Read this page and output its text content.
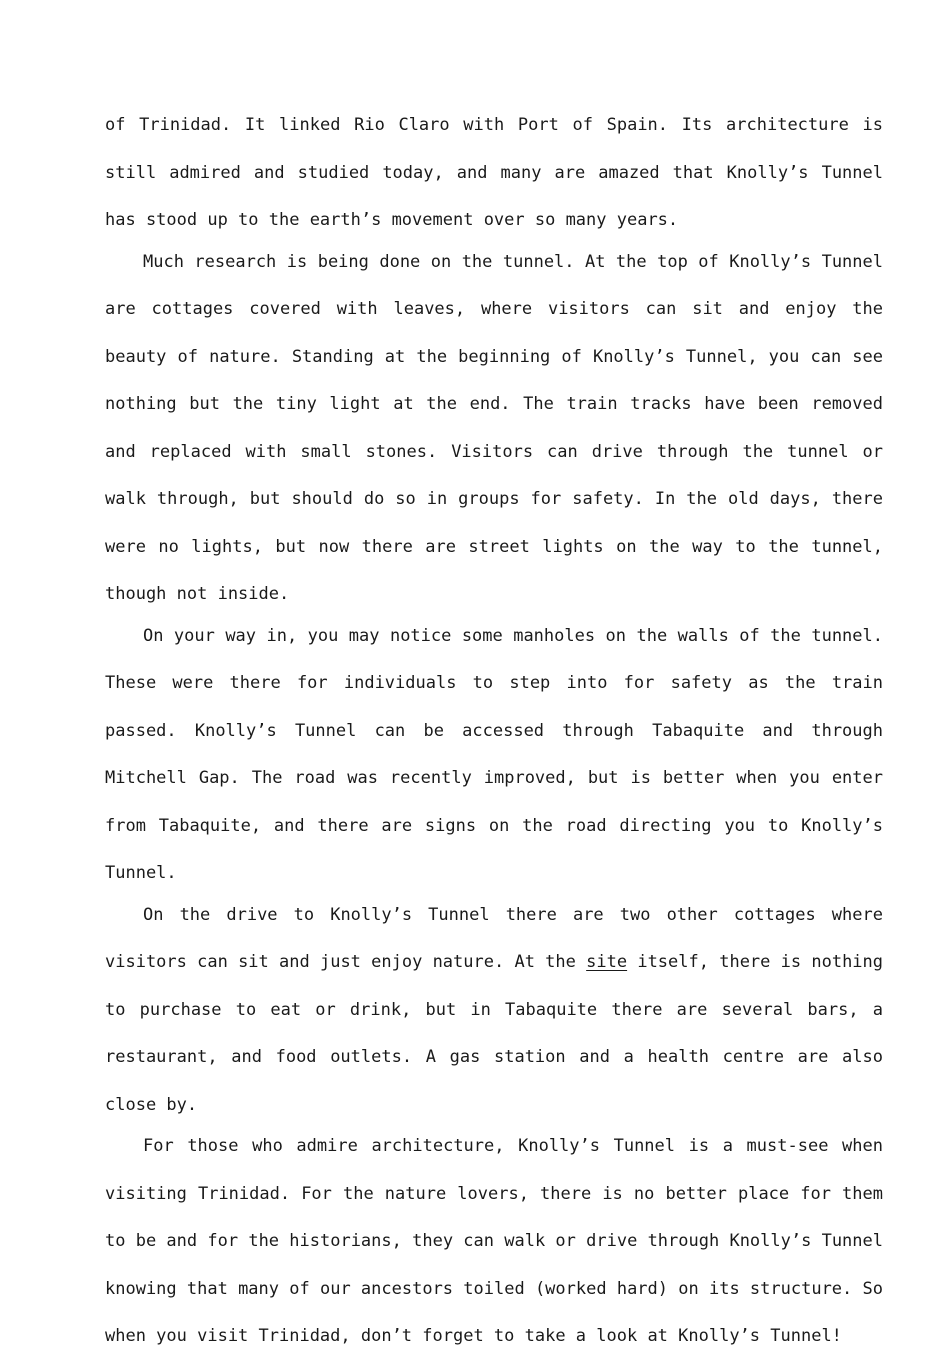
of Trinidad. It linked Rio Claro with Port of Spain. Its architecture is still admired and studied today, and many are amazed that Knolly’s Tunnel has stood up to the earth’s movement over so many years.

Much research is being done on the tunnel. At the top of Knolly’s Tunnel are cottages covered with leaves, where visitors can sit and enjoy the beauty of nature. Standing at the beginning of Knolly’s Tunnel, you can see nothing but the tiny light at the end. The train tracks have been removed and replaced with small stones. Visitors can drive through the tunnel or walk through, but should do so in groups for safety. In the old days, there were no lights, but now there are street lights on the way to the tunnel, though not inside.

On your way in, you may notice some manholes on the walls of the tunnel. These were there for individuals to step into for safety as the train passed. Knolly’s Tunnel can be accessed through Tabaquite and through Mitchell Gap. The road was recently improved, but is better when you enter from Tabaquite, and there are signs on the road directing you to Knolly’s Tunnel.

On the drive to Knolly’s Tunnel there are two other cottages where visitors can sit and just enjoy nature. At the site itself, there is nothing to purchase to eat or drink, but in Tabaquite there are several bars, a restaurant, and food outlets. A gas station and a health centre are also close by.

For those who admire architecture, Knolly’s Tunnel is a must-see when visiting Trinidad. For the nature lovers, there is no better place for them to be and for the historians, they can walk or drive through Knolly’s Tunnel knowing that many of our ancestors toiled (worked hard) on its structure. So when you visit Trinidad, don’t forget to take a look at Knolly’s Tunnel!
